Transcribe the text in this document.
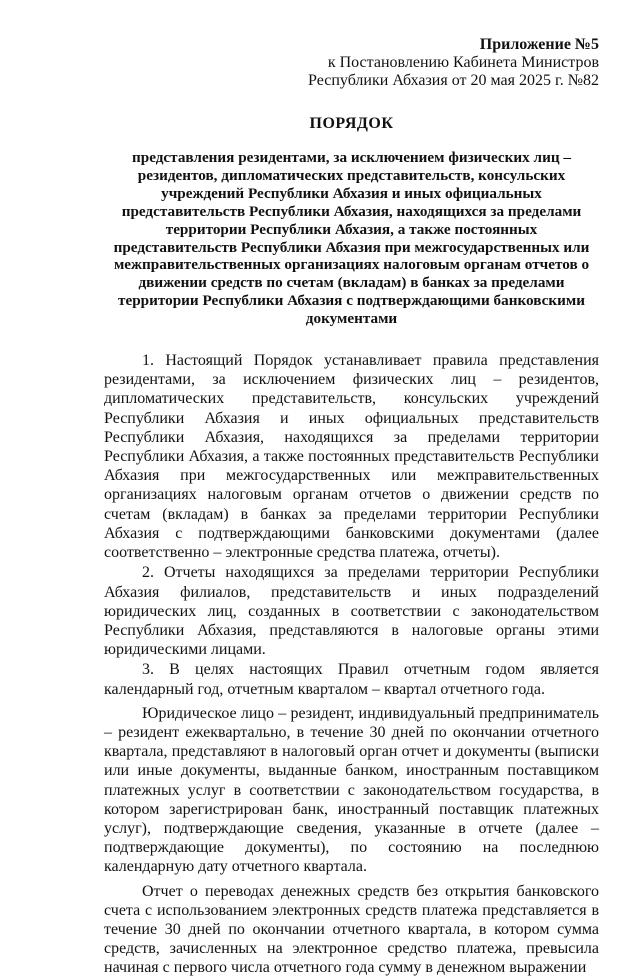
Приложение №5
к Постановлению Кабинета Министров
Республики Абхазия от 20 мая 2025 г. №82
ПОРЯДОК
представления резидентами, за исключением физических лиц – резидентов, дипломатических представительств, консульских учреждений Республики Абхазия и иных официальных представительств Республики Абхазия, находящихся за пределами территории Республики Абхазия, а также постоянных представительств Республики Абхазия при межгосударственных или межправительственных организациях налоговым органам отчетов о движении средств по счетам (вкладам) в банках за пределами территории Республики Абхазия с подтверждающими банковскими документами

1. Настоящий Порядок устанавливает правила представления резидентами, за исключением физических лиц – резидентов, дипломатических представительств, консульских учреждений Республики Абхазия и иных официальных представительств Республики Абхазия, находящихся за пределами территории Республики Абхазия, а также постоянных представительств Республики Абхазия при межгосударственных или межправительственных организациях налоговым органам отчетов о движении средств по счетам (вкладам) в банках за пределами территории Республики Абхазия с подтверждающими банковскими документами (далее соответственно – электронные средства платежа, отчеты).

2. Отчеты находящихся за пределами территории Республики Абхазия филиалов, представительств и иных подразделений юридических лиц, созданных в соответствии с законодательством Республики Абхазия, представляются в налоговые органы этими юридическими лицами.

3. В целях настоящих Правил отчетным годом является календарный год, отчетным кварталом – квартал отчетного года.

Юридическое лицо – резидент, индивидуальный предприниматель – резидент ежеквартально, в течение 30 дней по окончании отчетного квартала, представляют в налоговый орган отчет и документы (выписки или иные документы, выданные банком, иностранным поставщиком платежных услуг в соответствии с законодательством государства, в котором зарегистрирован банк, иностранный поставщик платежных услуг), подтверждающие сведения, указанные в отчете (далее – подтверждающие документы), по состоянию на последнюю календарную дату отчетного квартала.

Отчет о переводах денежных средств без открытия банковского счета с использованием электронных средств платежа представляется в течение 30 дней по окончании отчетного квартала, в котором сумма средств, зачисленных на электронное средство платежа, превысила начиная с первого числа отчетного года сумму в денежном выражении
